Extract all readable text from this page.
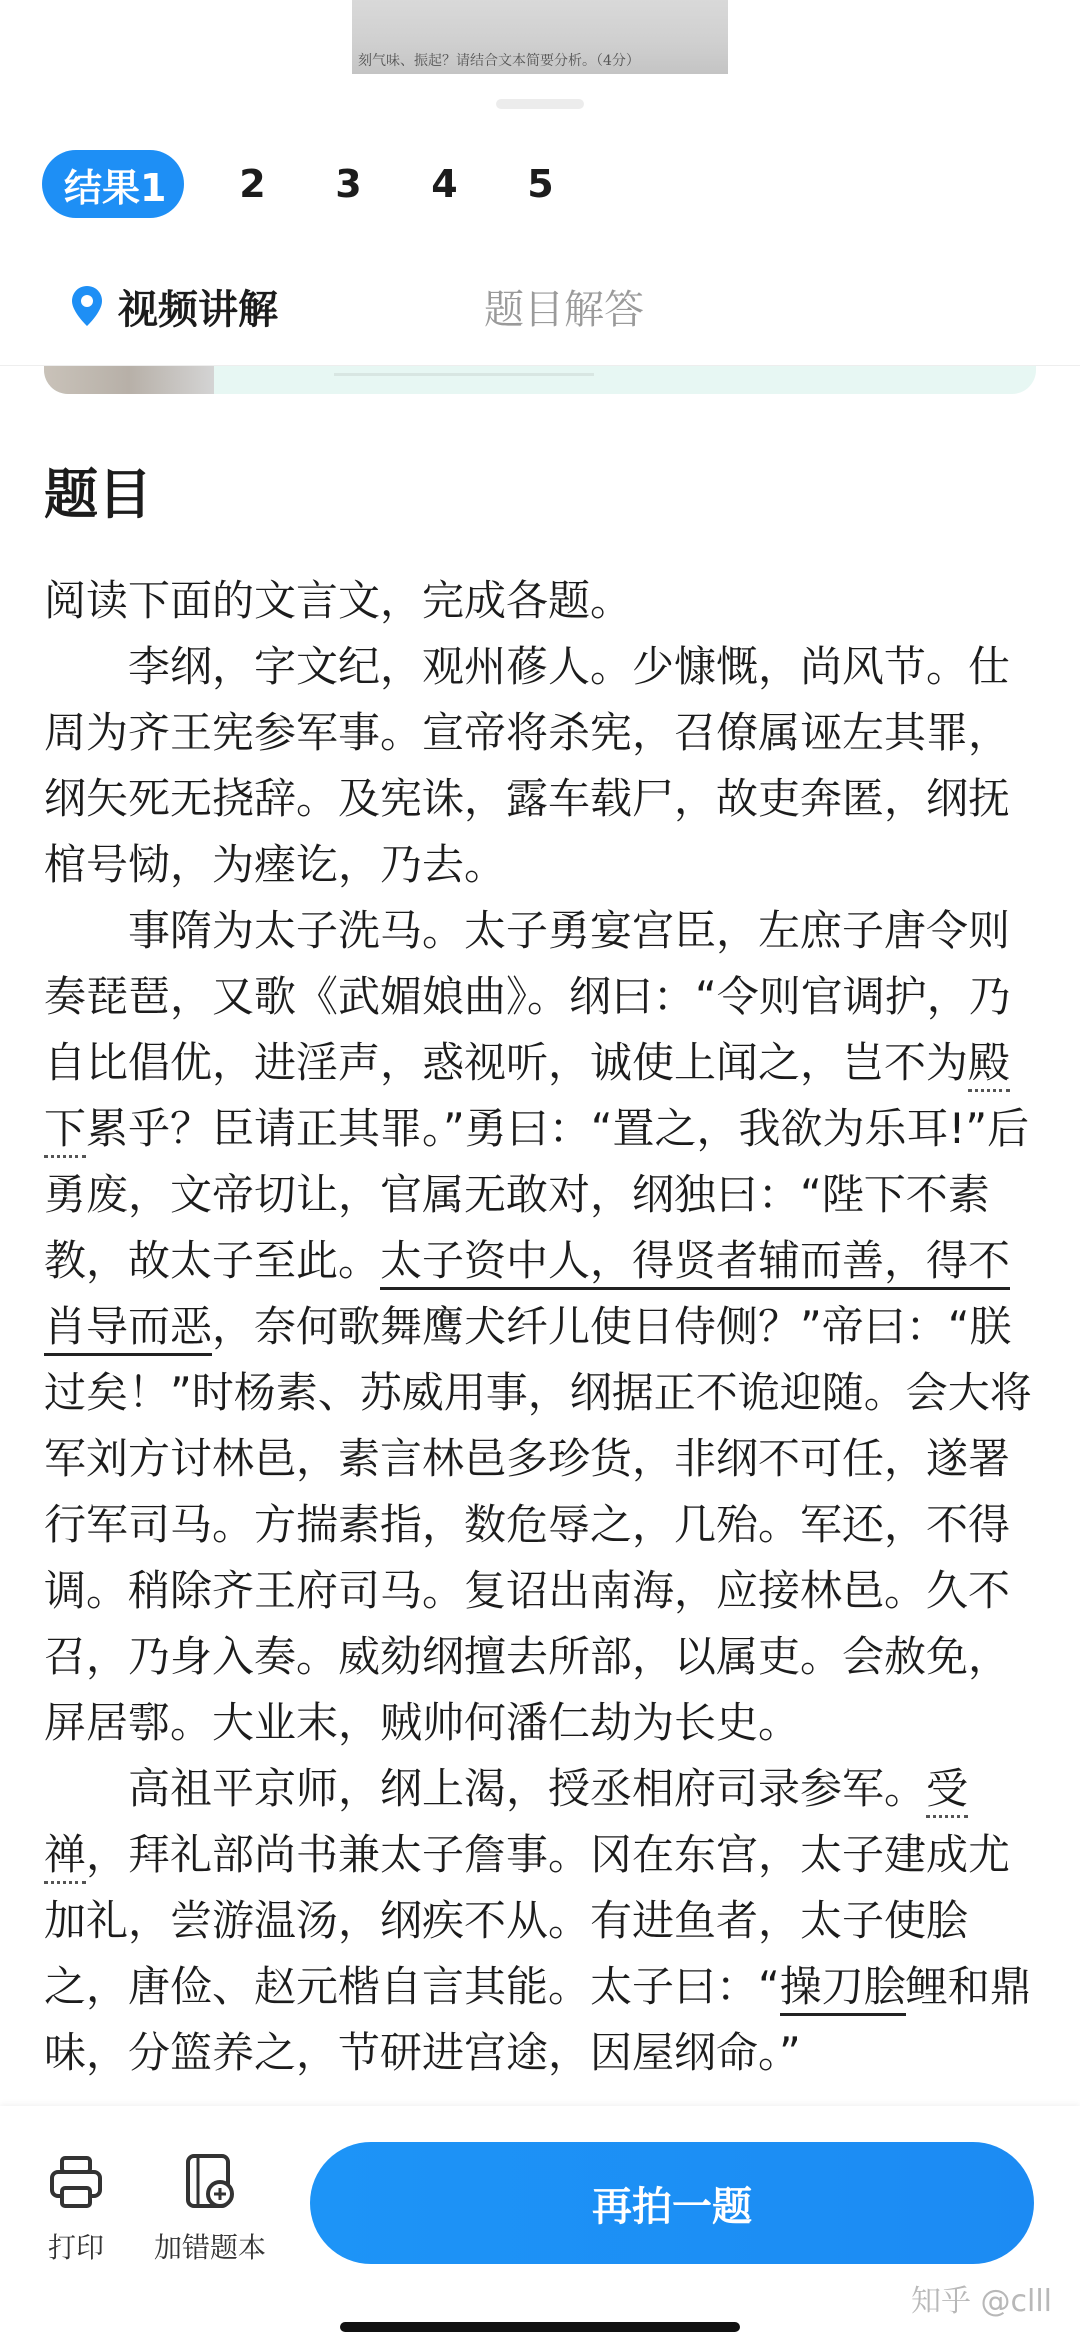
刻气味、振起？请结合文本简要分析。（4分）
结果1	2	3	4	5
视频讲解	题目解答
题目

阅读下面的文言文，完成各题。

李纲，字文纪，观州蓚人。少慷慨，尚风节。仕周为齐王宪参军事。宣帝将杀宪，召僚属诬左其罪，纲矢死无挠辞。及宪诛，露车载尸，故吏奔匿，纲抚棺号恸，为瘗讫，乃去。

事隋为太子洗马。太子勇宴宫臣，左庶子唐令则奏琵琶，又歌《武媚娘曲》。纲曰：“令则官调护，乃自比倡优，进淫声，惑视听，诚使上闻之，岂不为殿下累乎？臣请正其罪。”勇曰：“置之，我欲为乐耳!”后勇废，文帝切让，官属无敢对，纲独曰：“陛下不素教，故太子至此。太子资中人，得贤者辅而善，得不肖导而恶，奈何歌舞鹰犬纤儿使日侍侧？”帝曰：“朕过矣！”时杨素、苏威用事，纲据正不诡迎随。会大将军刘方讨林邑，素言林邑多珍货，非纲不可任，遂署行军司马。方揣素指，数危辱之，几殆。军还，不得调。稍除齐王府司马。复诏出南海，应接林邑。久不召，乃身入奏。威劾纲擅去所部，以属吏。会赦免，屏居鄠。大业末，贼帅何潘仁劫为长史。

高祖平京师，纲上渴，授丞相府司录参军。受禅，拜礼部尚书兼太子詹事。冈在东宫，太子建成尤加礼，尝游温汤，纲疾不从。有进鱼者，太子使脍之，唐俭、赵元楷自言其能。太子曰：“操刀脍鲤和鼎味，分篮养之，节研进宫途，因屋纲命。”

打印 加错题本
再拍一题
知乎 @clll
